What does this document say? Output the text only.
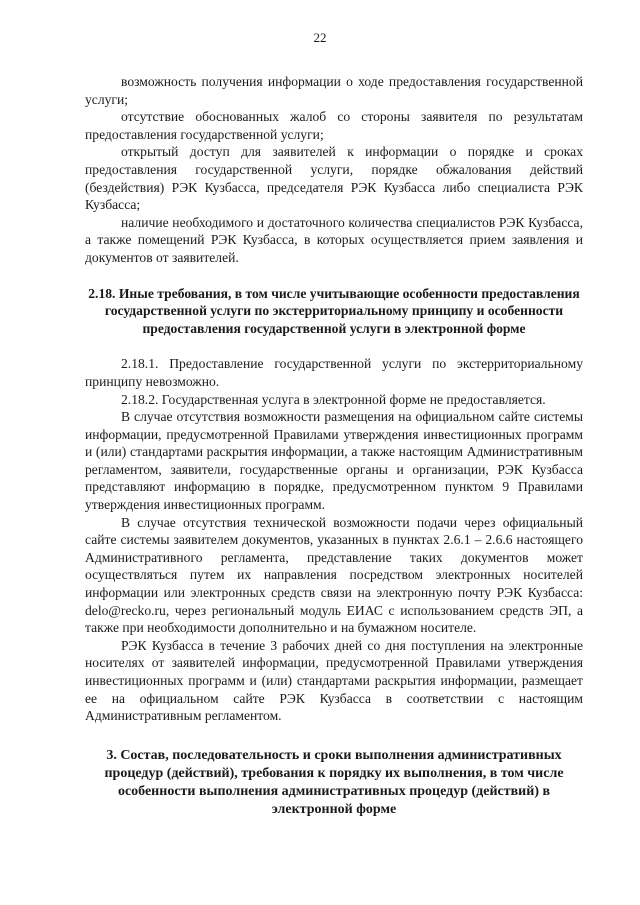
22

возможность получения информации о ходе предоставления государственной услуги;

отсутствие обоснованных жалоб со стороны заявителя по результатам предоставления государственной услуги;

открытый доступ для заявителей к информации о порядке и сроках предоставления государственной услуги, порядке обжалования действий (бездействия) РЭК Кузбасса, председателя РЭК Кузбасса либо специалиста РЭК Кузбасса;

наличие необходимого и достаточного количества специалистов РЭК Кузбасса, а также помещений РЭК Кузбасса, в которых осуществляется прием заявления и документов от заявителей.

2.18. Иные требования, в том числе учитывающие особенности предоставления государственной услуги по экстерриториальному принципу и особенности предоставления государственной услуги в электронной форме

2.18.1. Предоставление государственной услуги по экстерриториальному принципу невозможно.

2.18.2. Государственная услуга в электронной форме не предоставляется.

В случае отсутствия возможности размещения на официальном сайте системы информации, предусмотренной Правилами утверждения инвестиционных программ и (или) стандартами раскрытия информации, а также настоящим Административным регламентом, заявители, государственные органы и организации, РЭК Кузбасса представляют информацию в порядке, предусмотренном пунктом 9 Правилами утверждения инвестиционных программ.

В случае отсутствия технической возможности подачи через официальный сайте системы заявителем документов, указанных в пунктах 2.6.1 – 2.6.6 настоящего Административного регламента, представление таких документов может осуществляться путем их направления посредством электронных носителей информации или электронных средств связи на электронную почту РЭК Кузбасса: delo@recko.ru, через региональный модуль ЕИАС с использованием средств ЭП, а также при необходимости дополнительно и на бумажном носителе.

РЭК Кузбасса в течение 3 рабочих дней со дня поступления на электронные носителях от заявителей информации, предусмотренной Правилами утверждения инвестиционных программ и (или) стандартами раскрытия информации, размещает ее на официальном сайте РЭК Кузбасса в соответствии с настоящим Административным регламентом.

3. Состав, последовательность и сроки выполнения административных процедур (действий), требования к порядку их выполнения, в том числе особенности выполнения административных процедур (действий) в электронной форме
